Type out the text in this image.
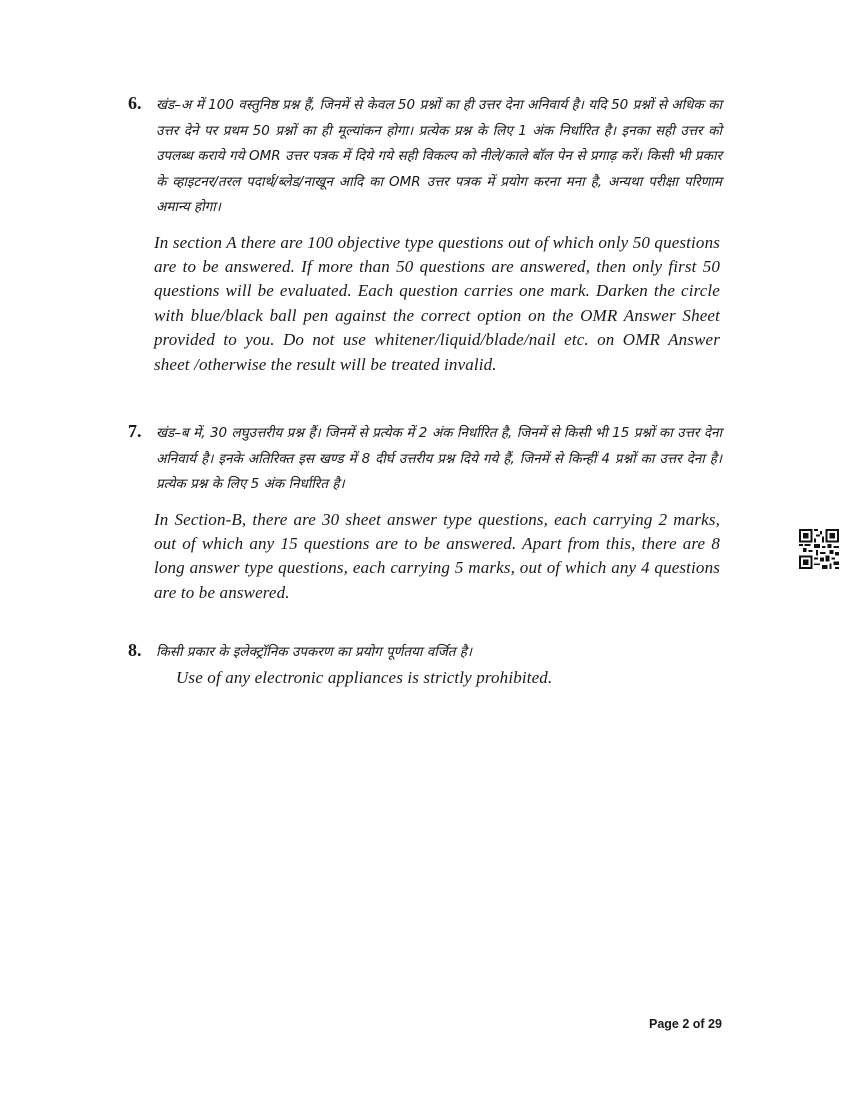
6.	खंड–अ में 100 वस्तुनिष्ठ प्रश्न हैं, जिनमें से केवल 50 प्रश्नों का ही उत्तर देना अनिवार्य है। यदि 50 प्रश्नों से अधिक का उत्तर देने पर प्रथम 50 प्रश्नों का ही मूल्यांकन होगा। प्रत्येक प्रश्न के लिए 1 अंक निर्धारित है। इनका सही उत्तर को उपलब्ध कराये गये OMR उत्तर पत्रक में दिये गये सही विकल्प को नीले/काले बॉल पेन से प्रगाढ़ करें। किसी भी प्रकार के व्हाइटनर/तरल पदार्थ/ब्लेड/नाखून आदि का OMR उत्तर पत्रक में प्रयोग करना मना है, अन्यथा परीक्षा परिणाम अमान्य होगा।
In section A there are 100 objective type questions out of which only 50 questions are to be answered. If more than 50 questions are answered, then only first 50 questions will be evaluated. Each question carries one mark. Darken the circle with blue/black ball pen against the correct option on the OMR Answer Sheet provided to you. Do not use whitener/liquid/blade/nail etc. on OMR Answer sheet /otherwise the result will be treated invalid.
7.	खंड–ब में, 30 लघुउत्तरीय प्रश्न हैं। जिनमें से प्रत्येक में 2 अंक निर्धारित है, जिनमें से किसी भी 15 प्रश्नों का उत्तर देना अनिवार्य है। इनके अतिरिक्त इस खण्ड में 8 दीर्घ उत्तरीय प्रश्न दिये गये हैं, जिनमें से किन्हीं 4 प्रश्नों का उत्तर देना है। प्रत्येक प्रश्न के लिए 5 अंक निर्धारित है।
In Section-B, there are 30 sheet answer type questions, each carrying 2 marks, out of which any 15 questions are to be answered. Apart from this, there are 8 long answer type questions, each carrying 5 marks, out of which any 4 questions are to be answered.
8.	किसी प्रकार के इलेक्ट्रॉनिक उपकरण का प्रयोग पूर्णतया वर्जित है।
Use of any electronic appliances is strictly prohibited.
Page 2 of 29
